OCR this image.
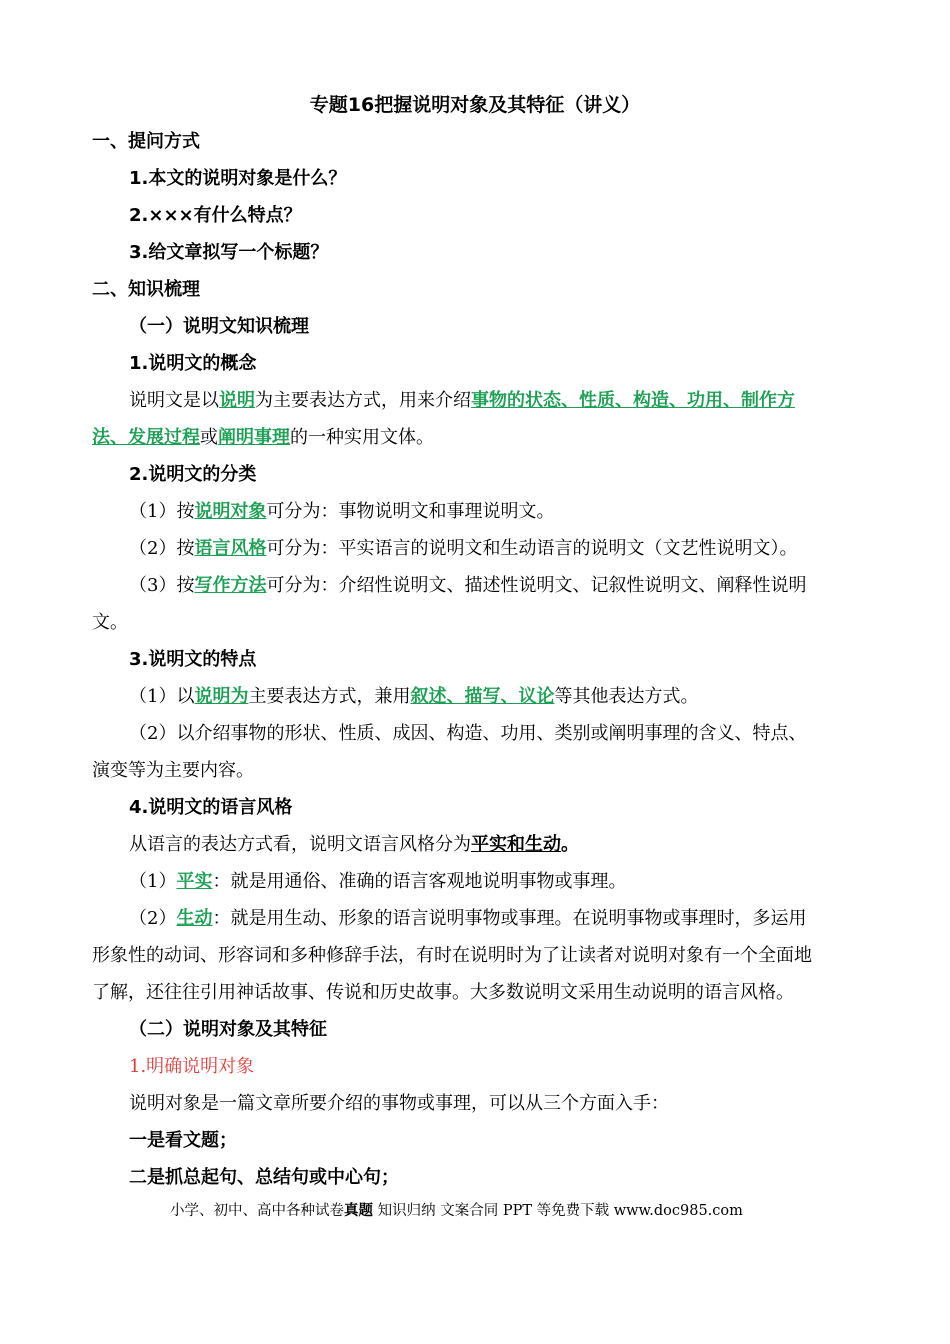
专题16把握说明对象及其特征（讲义）
一、提问方式
1.本文的说明对象是什么？
2.×××有什么特点？
3.给文章拟写一个标题？
二、知识梳理
（一）说明文知识梳理
1.说明文的概念
说明文是以说明为主要表达方式，用来介绍事物的状态、性质、构造、功用、制作方
法、发展过程或阐明事理的一种实用文体。
2.说明文的分类
（1）按说明对象可分为：事物说明文和事理说明文。
（2）按语言风格可分为：平实语言的说明文和生动语言的说明文（文艺性说明文）。
（3）按写作方法可分为：介绍性说明文、描述性说明文、记叙性说明文、阐释性说明
文。
3.说明文的特点
（1）以说明为主要表达方式，兼用叙述、描写、议论等其他表达方式。
（2）以介绍事物的形状、性质、成因、构造、功用、类别或阐明事理的含义、特点、
演变等为主要内容。
4.说明文的语言风格
从语言的表达方式看，说明文语言风格分为平实和生动。
（1）平实：就是用通俗、准确的语言客观地说明事物或事理。
（2）生动：就是用生动、形象的语言说明事物或事理。在说明事物或事理时，多运用
形象性的动词、形容词和多种修辞手法，有时在说明时为了让读者对说明对象有一个全面地
了解，还往往引用神话故事、传说和历史故事。大多数说明文采用生动说明的语言风格。
（二）说明对象及其特征
1.明确说明对象
说明对象是一篇文章所要介绍的事物或事理，可以从三个方面入手：
一是看文题；
二是抓总起句、总结句或中心句；
小学、初中、高中各种试卷真题 知识归纳 文案合同 PPT 等免费下载 www.doc985.com
